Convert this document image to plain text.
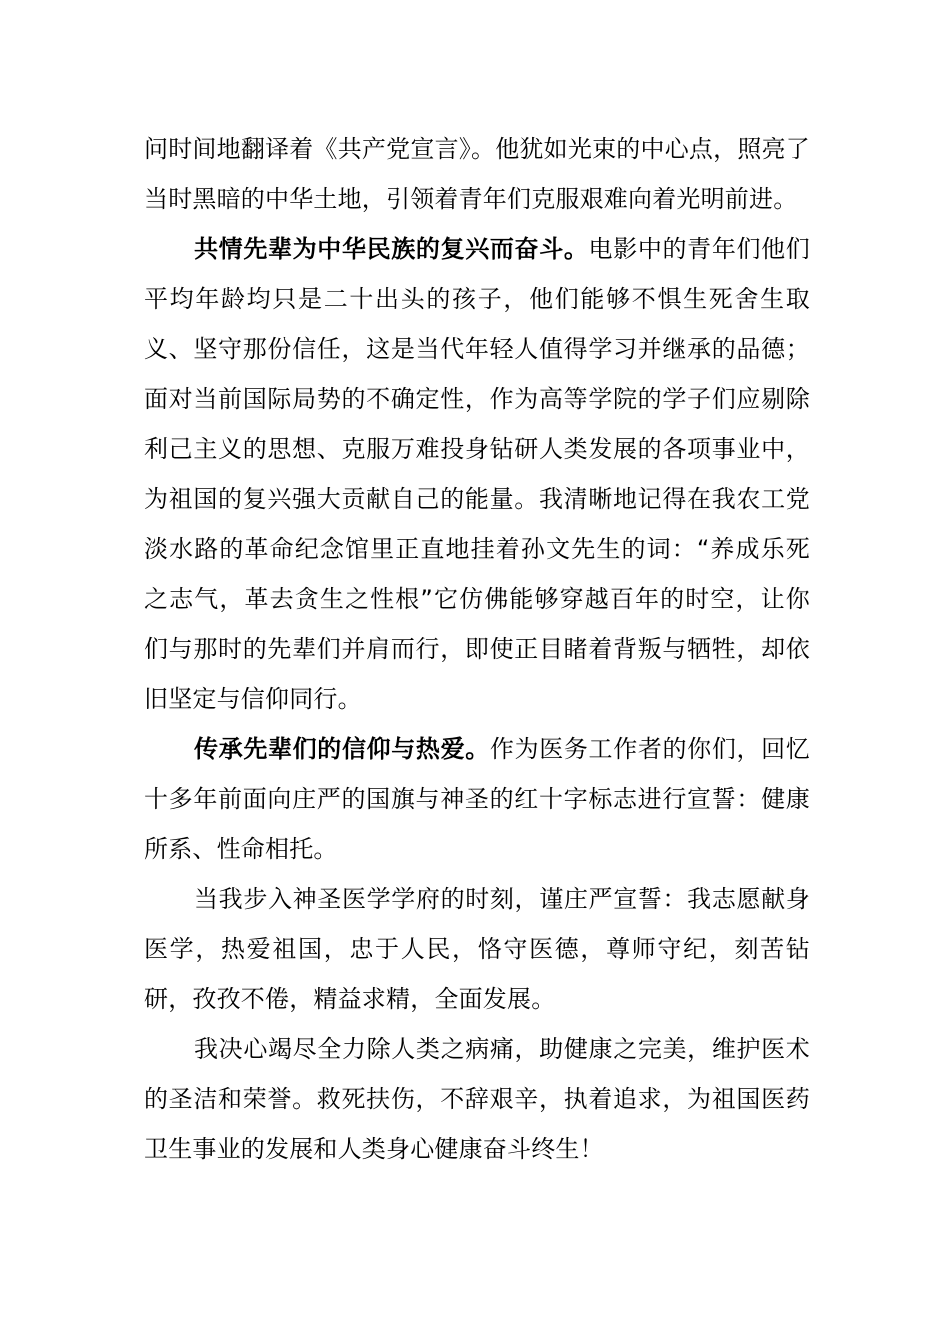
问时间地翻译着《共产党宣言》。他犹如光束的中心点，照亮了当时黑暗的中华土地，引领着青年们克服艰难向着光明前进。

共情先辈为中华民族的复兴而奋斗。电影中的青年们他们平均年龄均只是二十出头的孩子，他们能够不惧生死舍生取义、坚守那份信任，这是当代年轻人值得学习并继承的品德；面对当前国际局势的不确定性，作为高等学院的学子们应剔除利己主义的思想、克服万难投身钻研人类发展的各项事业中，为祖国的复兴强大贡献自己的能量。我清晰地记得在我农工党淡水路的革命纪念馆里正直地挂着孙文先生的词：“养成乐死之志气，革去贪生之性根”它仿佛能够穿越百年的时空，让你们与那时的先辈们并肩而行，即使正目睹着背叛与牺牲，却依旧坚定与信仰同行。

传承先辈们的信仰与热爱。作为医务工作者的你们，回忆十多年前面向庄严的国旗与神圣的红十字标志进行宣誓：健康所系、性命相托。

当我步入神圣医学学府的时刻，谨庄严宣誓：我志愿献身医学，热爱祖国，忠于人民，恪守医德，尊师守纪，刻苦钻研，孜孜不倦，精益求精，全面发展。

我决心竭尽全力除人类之病痛，助健康之完美，维护医术的圣洁和荣誉。救死扶伤，不辞艰辛，执着追求，为祖国医药卫生事业的发展和人类身心健康奋斗终生！
